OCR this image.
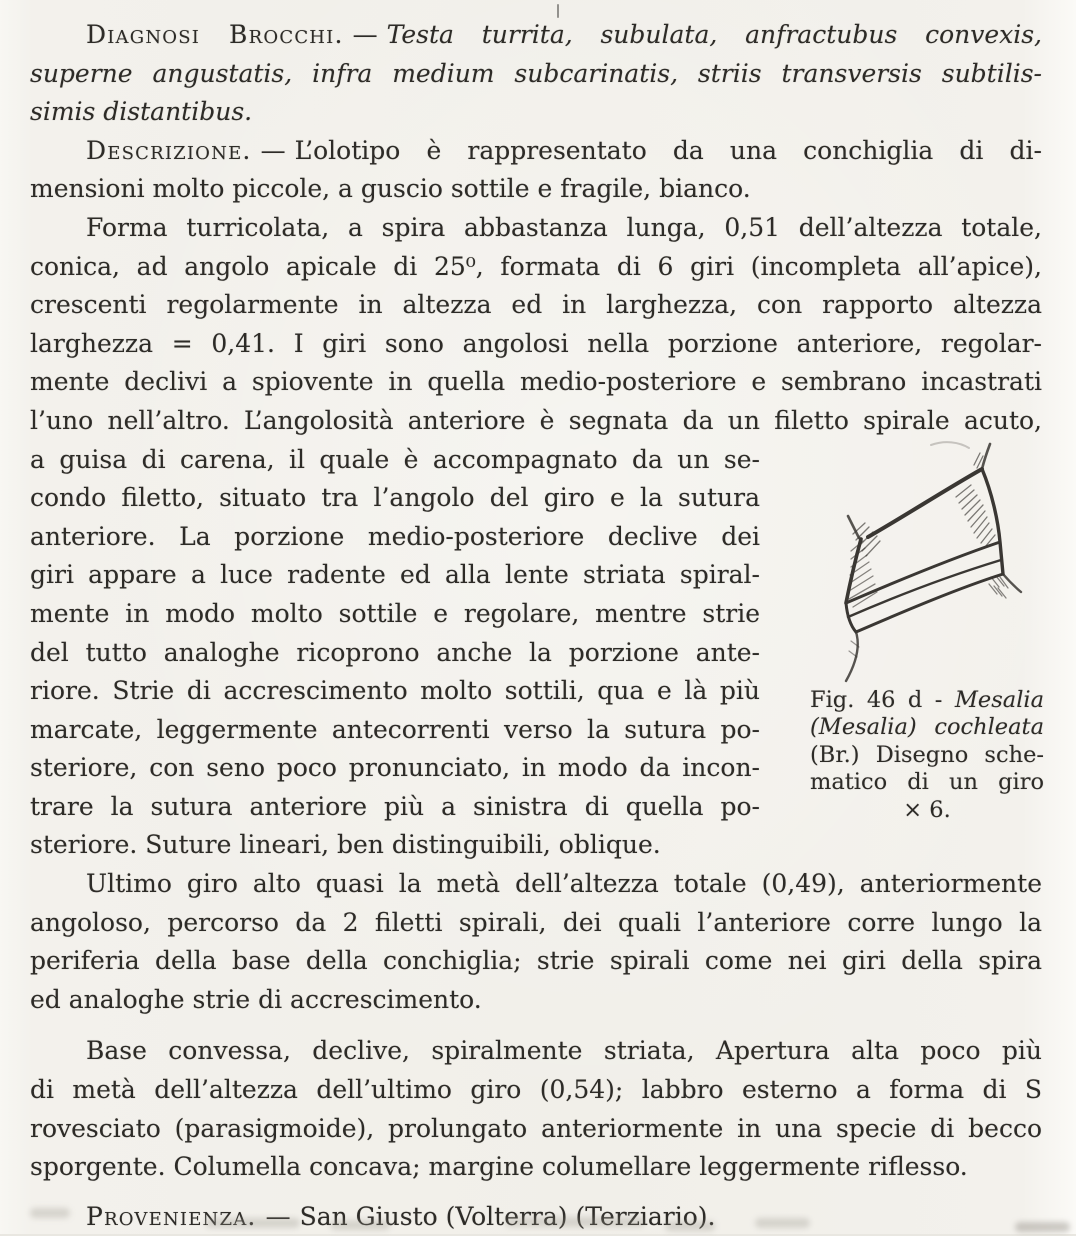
Diagnosi Brocchi. — Testa turrita, subulata, anfractubus convexis,
superne angustatis, infra medium subcarinatis, striis transversis subtilis-
simis distantibus.
Descrizione. — L’olotipo è rappresentato da una conchiglia di di-
mensioni molto piccole, a guscio sottile e fragile, bianco.
Forma turricolata, a spira abbastanza lunga, 0,51 dell’altezza totale,
conica, ad angolo apicale di 25⁰, formata di 6 giri (incompleta all’apice),
crescenti regolarmente in altezza ed in larghezza, con rapporto altezza
larghezza = 0,41. I giri sono angolosi nella porzione anteriore, regolar-
mente declivi a spiovente in quella medio-posteriore e sembrano incastrati
l’uno nell’altro. L’angolosità anteriore è segnata da un filetto spirale acuto,
a guisa di carena, il quale è accompagnato da un se-
condo filetto, situato tra l’angolo del giro e la sutura
anteriore. La porzione medio-posteriore declive dei
giri appare a luce radente ed alla lente striata spiral-
mente in modo molto sottile e regolare, mentre strie
del tutto analoghe ricoprono anche la porzione ante-
riore. Strie di accrescimento molto sottili, qua e là più
marcate, leggermente antecorrenti verso la sutura po-
steriore, con seno poco pronunciato, in modo da incon-
trare la sutura anteriore più a sinistra di quella po-
steriore. Suture lineari, ben distinguibili, oblique.
Fig. 46 d - Mesalia
(Mesalia) cochleata
(Br.) Disegno sche-
matico di un giro
× 6.
Ultimo giro alto quasi la metà dell’altezza totale (0,49), anteriormente
angoloso, percorso da 2 filetti spirali, dei quali l’anteriore corre lungo la
periferia della base della conchiglia; strie spirali come nei giri della spira
ed analoghe strie di accrescimento.
Base convessa, declive, spiralmente striata, Apertura alta poco più
di metà dell’altezza dell’ultimo giro (0,54); labbro esterno a forma di S
rovesciato (parasigmoide), prolungato anteriormente in una specie di becco
sporgente. Columella concava; margine columellare leggermente riflesso.
Provenienza. — San Giusto (Volterra) (Terziario).
